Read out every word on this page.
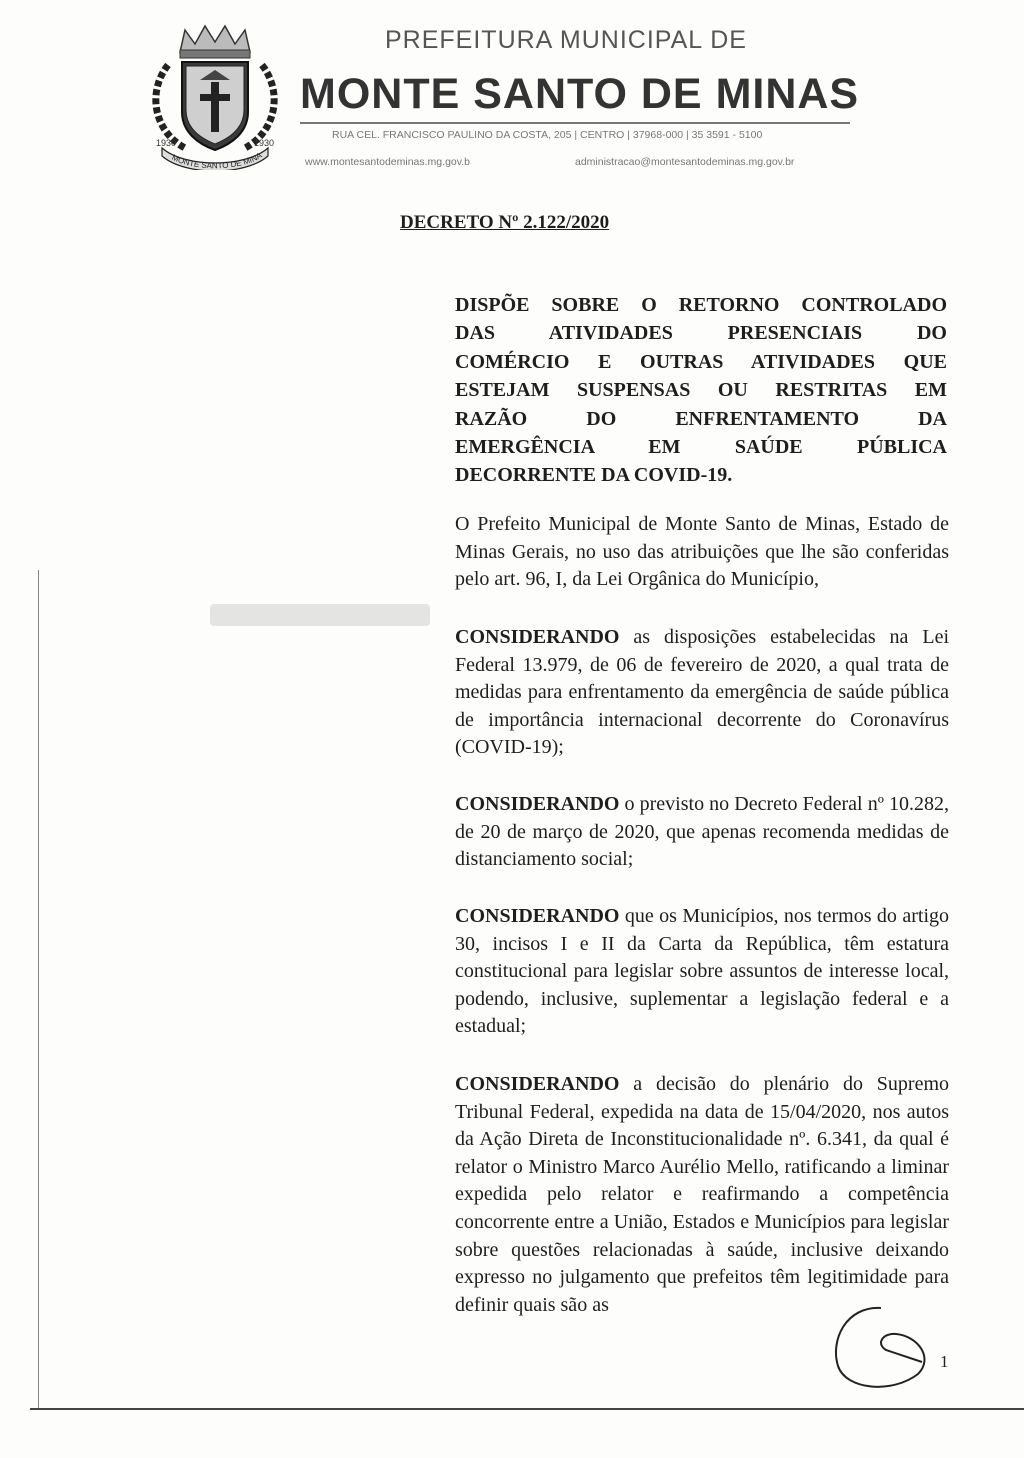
1930	1930
MONTE SANTO DE MINA
PREFEITURA MUNICIPAL DE
MONTE SANTO DE MINAS
RUA CEL. FRANCISCO PAULINO DA COSTA, 205 | CENTRO | 37968-000 | 35 3591 - 5100
www.montesantodeminas.mg.gov.b	administracao@montesantodeminas.mg.gov.br
DECRETO Nº 2.122/2020
DISPÕE SOBRE O RETORNO CONTROLADO
DAS ATIVIDADES PRESENCIAIS DO
COMÉRCIO E OUTRAS ATIVIDADES QUE
ESTEJAM SUSPENSAS OU RESTRITAS EM
RAZÃO DO ENFRENTAMENTO DA
EMERGÊNCIA EM SAÚDE PÚBLICA
DECORRENTE DA COVID-19.
O Prefeito Municipal de Monte Santo de Minas, Estado de Minas Gerais, no uso das atribuições que lhe são conferidas pelo art. 96, I, da Lei Orgânica do Município,
CONSIDERANDO as disposições estabelecidas na Lei Federal 13.979, de 06 de fevereiro de 2020, a qual trata de medidas para enfrentamento da emergência de saúde pública de importância internacional decorrente do Coronavírus (COVID-19);
CONSIDERANDO o previsto no Decreto Federal nº 10.282, de 20 de março de 2020, que apenas recomenda medidas de distanciamento social;
CONSIDERANDO que os Municípios, nos termos do artigo 30, incisos I e II da Carta da República, têm estatura constitucional para legislar sobre assuntos de interesse local, podendo, inclusive, suplementar a legislação federal e a estadual;
CONSIDERANDO a decisão do plenário do Supremo Tribunal Federal, expedida na data de 15/04/2020, nos autos da Ação Direta de Inconstitucionalidade nº. 6.341, da qual é relator o Ministro Marco Aurélio Mello, ratificando a liminar expedida pelo relator e reafirmando a competência concorrente entre a União, Estados e Municípios para legislar sobre questões relacionadas à saúde, inclusive deixando expresso no julgamento que prefeitos têm legitimidade para definir quais são as
1
